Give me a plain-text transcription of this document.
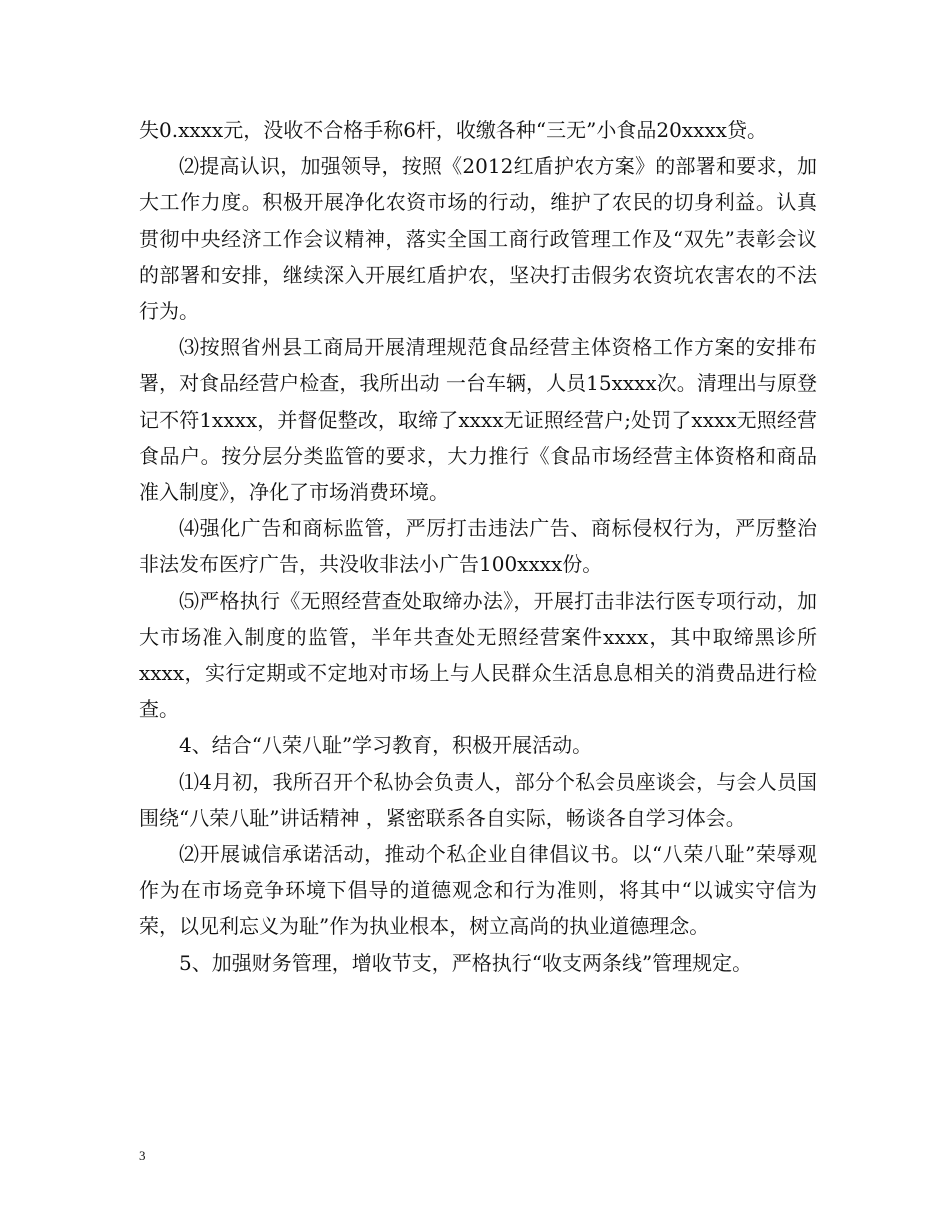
失0.xxxx元，没收不合格手称6杆，收缴各种“三无”小食品20xxxx贷。

⑵提高认识，加强领导，按照《2012红盾护农方案》的部署和要求，加大工作力度。积极开展净化农资市场的行动，维护了农民的切身利益。认真贯彻中央经济工作会议精神，落实全国工商行政管理工作及“双先”表彰会议的部署和安排，继续深入开展红盾护农，坚决打击假劣农资坑农害农的不法行为。

⑶按照省州县工商局开展清理规范食品经营主体资格工作方案的安排布署，对食品经营户检查，我所出动 一台车辆，人员15xxxx次。清理出与原登记不符1xxxx，并督促整改，取缔了xxxx无证照经营户;处罚了xxxx无照经营食品户。按分层分类监管的要求，大力推行《食品市场经营主体资格和商品准入制度》，净化了市场消费环境。

⑷强化广告和商标监管，严厉打击违法广告、商标侵权行为，严厉整治非法发布医疗广告，共没收非法小广告100xxxx份。

⑸严格执行《无照经营查处取缔办法》，开展打击非法行医专项行动，加大市场准入制度的监管，半年共查处无照经营案件xxxx，其中取缔黑诊所xxxx，实行定期或不定地对市场上与人民群众生活息息相关的消费品进行检查。

4、结合“八荣八耻”学习教育，积极开展活动。

⑴4月初，我所召开个私协会负责人，部分个私会员座谈会，与会人员国围绕“八荣八耻”讲话精神 ，紧密联系各自实际，畅谈各自学习体会。

⑵开展诚信承诺活动，推动个私企业自律倡议书。以“八荣八耻”荣辱观作为在市场竞争环境下倡导的道德观念和行为准则，将其中“以诚实守信为荣，以见利忘义为耻”作为执业根本，树立高尚的执业道德理念。

5、加强财务管理，增收节支，严格执行“收支两条线”管理规定。

3
